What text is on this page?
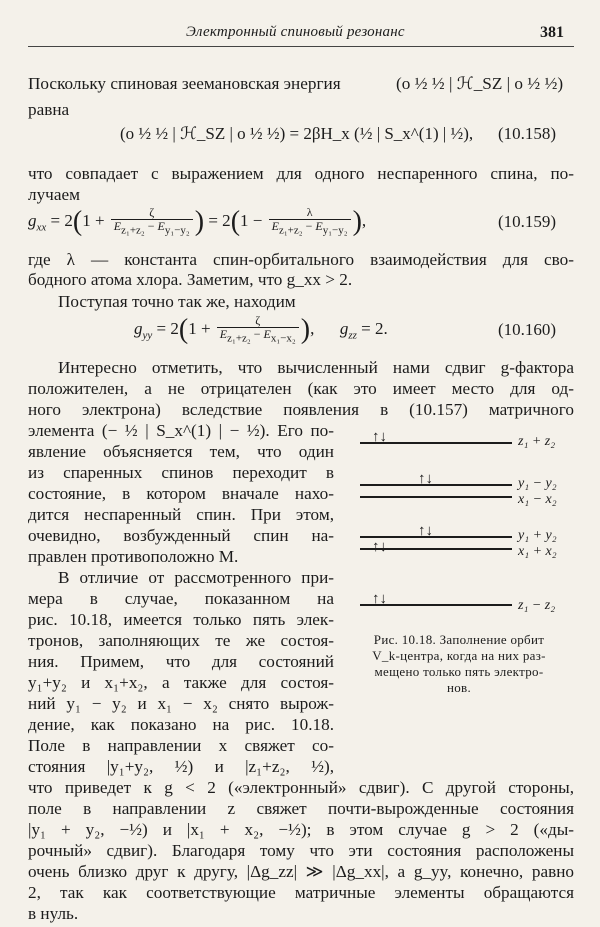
Электронный спиновый резонанс	381
Поскольку спиновая зеемановская энергия	(o ½ ½ | ℋ_SZ | o ½ ½)
равна
(o ½ ½ | ℋ_SZ | o ½ ½) = 2βH_x (½ | S_x^(1) | ½), (10.158)
что совпадает с выражением для одного неспаренного спина, по-
лучаем
$g_{xx} = 2(1 + \frac{\zeta}{E_{z_1+z_2} - E_{y_1-y_2}}$ ) = $2(1 - \frac{\lambda}{E_{z_1+z_2} - E_{y_1-y_2}}$ ),	(10.159)
где λ — константа спин-орбитального взаимодействия для сво-
бодного атома хлора. Заметим, что g_xx > 2.
Поступая точно так же, находим
$g_{yy} = 2(1 + \frac{\zeta}{E_{z_1+z_2} - E_{x_1-x_2}}$ ),      $g_{zz} = 2$.	(10.160)
Интересно отметить, что вычисленный нами сдвиг g-фактора
положителен, а не отрицателен (как это имеет место для од-
ного электрона) вследствие появления в (10.157) матричного
элемента (− ½ | S_x^(1) | − ½). Его по-
явление объясняется тем, что один
из спаренных спинов переходит в
состояние, в котором вначале нахо-
дится неспаренный спин. При этом,
очевидно, возбужденный спин на-
правлен противоположно M.
В отличие от рассмотренного при-
мера в случае, показанном на
рис. 10.18, имеется только пять элек-
тронов, заполняющих те же состоя-
ния. Примем, что для состояний
y₁+y₂ и x₁+x₂, а также для состоя-
ний y₁ − y₂ и x₁ − x₂ снято вырож-
дение, как показано на рис. 10.18.
Поле в направлении x свяжет со-
стояния |y₁+y₂, ½) и |z₁+z₂, ½),
что приведет к g < 2 («электронный» сдвиг). С другой стороны,
поле в направлении z свяжет почти-вырожденные состояния
|y₁ + y₂, −½) и |x₁ + x₂, −½); в этом случае g > 2 («ды-
рочный» сдвиг). Благодаря тому что эти состояния расположены
очень близко друг к другу, |Δg_zz| ≫ |Δg_xx|, а g_yy, конечно, равно
2, так как соответствующие матричные элементы обращаются
в нуль.
↑↓	z₁ + z₂
↑↓	y₁ − y₂
x₁ − x₂
↑↓	y₁ + y₂
↑↓	x₁ + x₂
↑↓	z₁ − z₂
Рис. 10.18. Заполнение орбит
V_k-центра, когда на них раз-
мещено только пять электро-
нов.
